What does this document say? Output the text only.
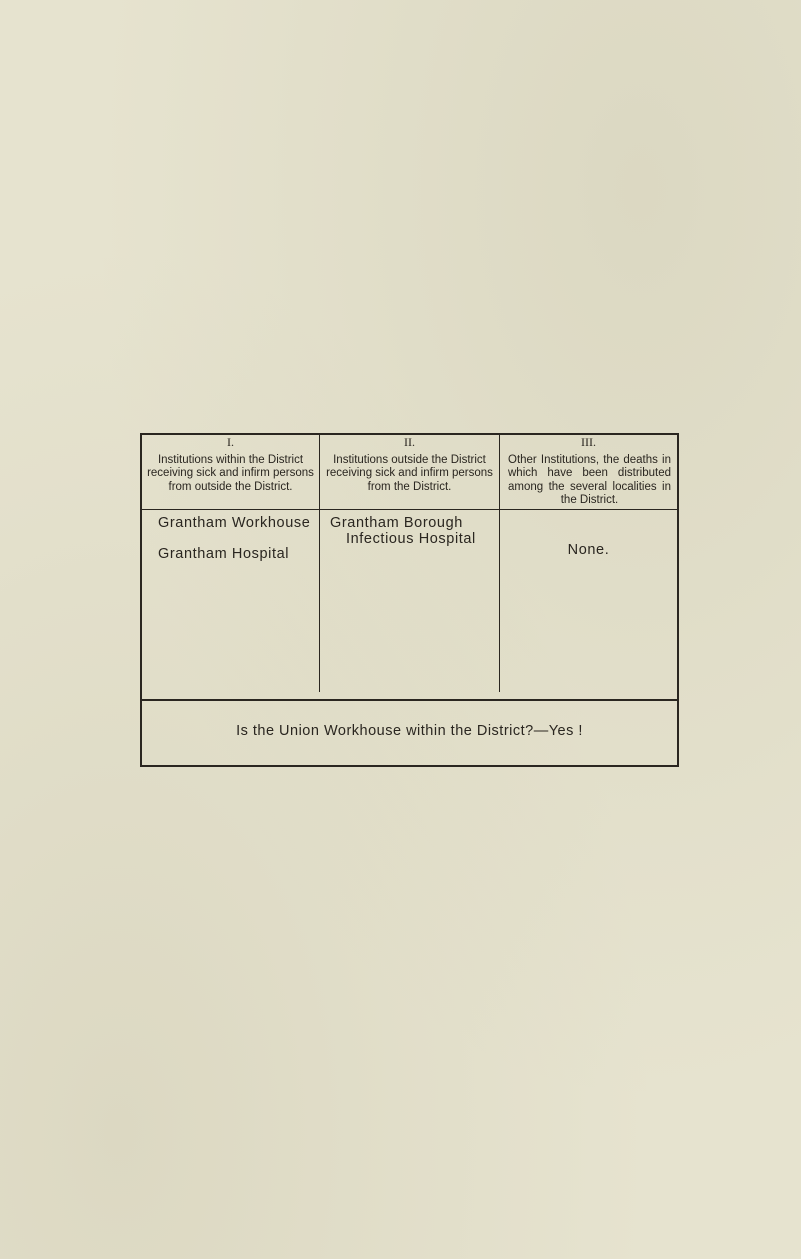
I.
Institutions within the District receiving sick and infirm persons from outside the District.
II.
Institutions outside the District receiving sick and infirm persons from the District.
III.
Other Institutions, the deaths in which have been distributed among the several localities in the District.
Grantham Workhouse
Grantham Hospital
Grantham Borough
Infectious Hospital
None.
Is the Union Workhouse within the District?—Yes !
